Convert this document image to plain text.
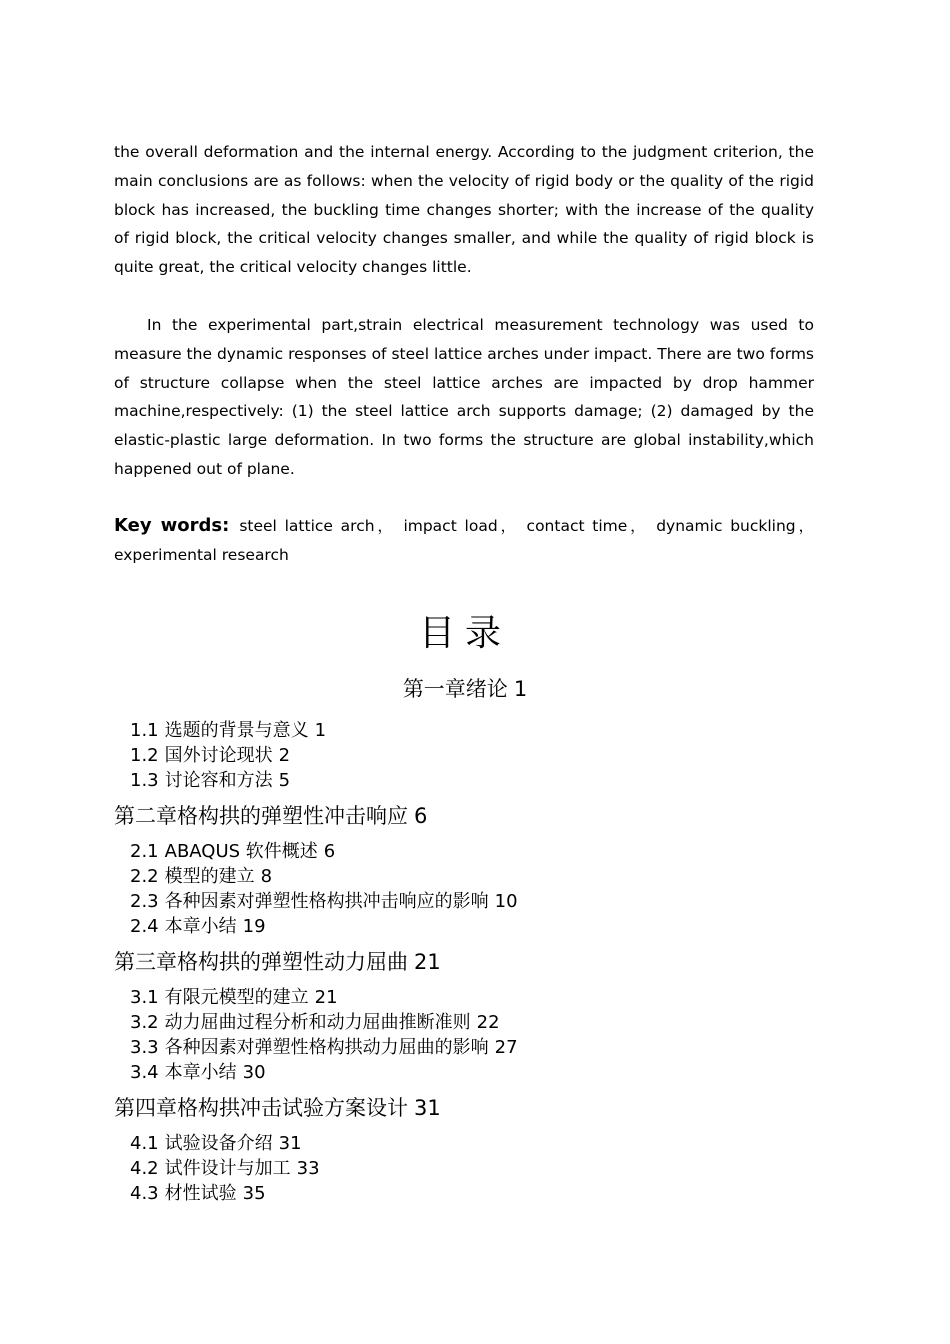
the overall deformation and the internal energy. According to the judgment criterion, the main conclusions are as follows: when the velocity of rigid body or the quality of the rigid block has increased, the buckling time changes shorter; with the increase of the quality of rigid block, the critical velocity changes smaller, and while the quality of rigid block is quite great, the critical velocity changes little.

In the experimental part,strain electrical measurement technology was used to measure the dynamic responses of steel lattice arches under impact. There are two forms of structure collapse when the steel lattice arches are impacted by drop hammer machine,respectively: (1) the steel lattice arch supports damage; (2) damaged by the elastic-plastic large deformation. In two forms the structure are global instability,which happened out of plane.

Key words: steel lattice arch， impact load， contact time， dynamic buckling，experimental research

目录
第一章绪论 1
1.1 选题的背景与意义 1
1.2 国外讨论现状 2
1.3 讨论容和方法 5
第二章格构拱的弹塑性冲击响应 6
2.1 ABAQUS 软件概述 6
2.2 模型的建立 8
2.3 各种因素对弹塑性格构拱冲击响应的影响 10
2.4 本章小结 19
第三章格构拱的弹塑性动力屈曲 21
3.1 有限元模型的建立 21
3.2 动力屈曲过程分析和动力屈曲推断准则 22
3.3 各种因素对弹塑性格构拱动力屈曲的影响 27
3.4 本章小结 30
第四章格构拱冲击试验方案设计 31
4.1 试验设备介绍 31
4.2 试件设计与加工 33
4.3 材性试验 35
